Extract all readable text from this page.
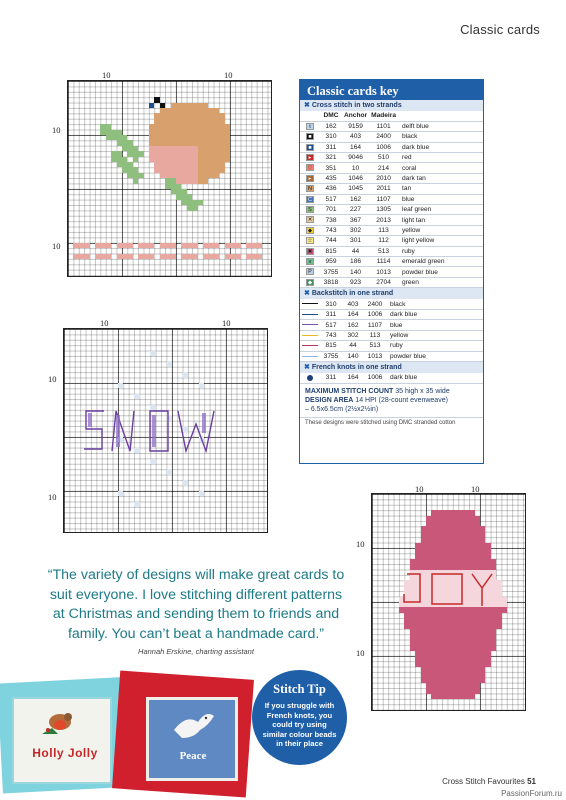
Classic cards
10	10
10
10
10	10
10
10
Classic cards key
✖ Cross stitch in two strands
	DMC	Anchor	Madeira	
t	162	9159	1101	delft blue
■	310	403	2400	black
■	311	164	1006	dark blue
▸	321	9046	510	red
♡	351	10	214	coral
▸	435	1046	2010	dark tan
N	436	1045	2011	tan
C	517	162	1107	blue
S	701	227	1305	leaf green
✕	738	367	2013	light tan
◆	743	302	113	yellow
☆	744	301	112	light yellow
✖	815	44	513	ruby
v	959	186	1114	emerald green
P	3755	140	1013	powder blue
◆	3818	923	2704	green
✖ Backstitch in one strand
	310	403	2400	black
	311	164	1006	dark blue
	517	162	1107	blue
	743	302	113	yellow
	815	44	513	ruby
	3755	140	1013	powder blue
✖ French knots in one strand
	311	164	1006	dark blue
MAXIMUM STITCH COUNT 35 high x 35 wide
DESIGN AREA 14 HPI (28-count evenweave)
– 6.5x6.5cm (2½x2½in)
These designs were stitched using DMC stranded cotton
10	10
10
10
“The variety of designs will make great cards to suit everyone. I love stitching different patterns at Christmas and sending them to friends and family. You can’t beat a handmade card.”
Hannah Erskine, charting assistant
Holly Jolly	Peace
Stitch Tip
If you struggle with French knots, you could try using similar colour beads in their place
Cross Stitch Favourites 51
PassionForum.ru
